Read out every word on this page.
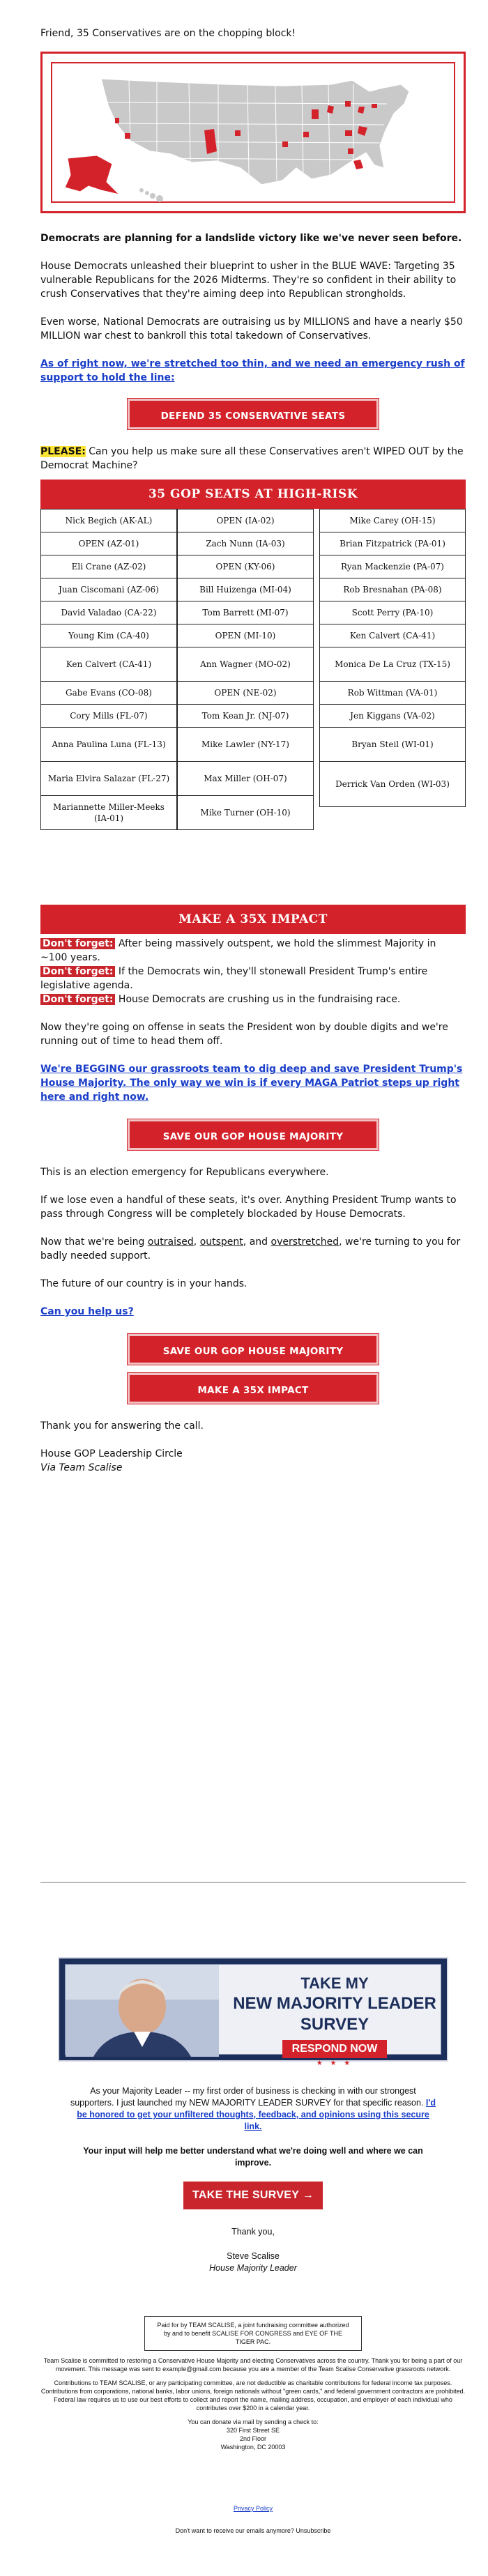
Friend, 35 Conservatives are on the chopping block!

Democrats are planning for a landslide victory like we've never seen before.

House Democrats unleashed their blueprint to usher in the BLUE WAVE: Targeting 35 vulnerable Republicans for the 2026 Midterms. They're so confident in their ability to crush Conservatives that they're aiming deep into Republican strongholds.

Even worse, National Democrats are outraising us by MILLIONS and have a nearly $50 MILLION war chest to bankroll this total takedown of Conservatives.

As of right now, we're stretched too thin, and we need an emergency rush of support to hold the line:

DEFEND 35 CONSERVATIVE SEATS

PLEASE: Can you help us make sure all these Conservatives aren't WIPED OUT by the Democrat Machine?

35 GOP SEATS AT HIGH-RISK
Nick Begich (AK-AL)
OPEN (AZ-01)
Eli Crane (AZ-02)
Juan Ciscomani (AZ-06)
David Valadao (CA-22)
Young Kim (CA-40)
Ken Calvert (CA-41)
Gabe Evans (CO-08)
Cory Mills (FL-07)
Anna Paulina Luna (FL-13)
Maria Elvira Salazar (FL-27)
Mariannette Miller-Meeks (IA-01)
OPEN (IA-02)
Zach Nunn (IA-03)
OPEN (KY-06)
Bill Huizenga (MI-04)
Tom Barrett (MI-07)
OPEN (MI-10)
Ann Wagner (MO-02)
OPEN (NE-02)
Tom Kean Jr. (NJ-07)
Mike Lawler (NY-17)
Max Miller (OH-07)
Mike Turner (OH-10)
Mike Carey (OH-15)
Brian Fitzpatrick (PA-01)
Ryan Mackenzie (PA-07)
Rob Bresnahan (PA-08)
Scott Perry (PA-10)
Ken Calvert (CA-41)
Monica De La Cruz (TX-15)
Rob Wittman (VA-01)
Jen Kiggans (VA-02)
Bryan Steil (WI-01)
Derrick Van Orden (WI-03)
MAKE A 35X IMPACT

Don't forget: After being massively outspent, we hold the slimmest Majority in ~100 years.

Don't forget: If the Democrats win, they'll stonewall President Trump's entire legislative agenda.

Don't forget: House Democrats are crushing us in the fundraising race.

Now they're going on offense in seats the President won by double digits and we're running out of time to head them off.

We're BEGGING our grassroots team to dig deep and save President Trump's House Majority. The only way we win is if every MAGA Patriot steps up right here and right now.

SAVE OUR GOP HOUSE MAJORITY

This is an election emergency for Republicans everywhere.

If we lose even a handful of these seats, it's over. Anything President Trump wants to pass through Congress will be completely blockaded by House Democrats.

Now that we're being outraised, outspent, and overstretched, we're turning to you for badly needed support.

The future of our country is in your hands.

Can you help us?

SAVE OUR GOP HOUSE MAJORITY
MAKE A 35X IMPACT

Thank you for answering the call.

House GOP Leadership Circle

Via Team Scalise

TAKE MY
NEW MAJORITY LEADER
SURVEY
RESPOND NOW
★ ★ ★

As your Majority Leader -- my first order of business is checking in with our strongest supporters. I just launched my NEW MAJORITY LEADER SURVEY for that specific reason. I'd be honored to get your unfiltered thoughts, feedback, and opinions using this secure link.

Your input will help me better understand what we're doing well and where we can improve.

TAKE THE SURVEY →

Thank you,

Steve Scalise

House Majority Leader

Paid for by TEAM SCALISE, a joint fundraising committee authorized by and to benefit SCALISE FOR CONGRESS and EYE OF THE TIGER PAC.

Team Scalise is committed to restoring a Conservative House Majority and electing Conservatives across the country. Thank you for being a part of our movement. This message was sent to example@gmail.com because you are a member of the Team Scalise Conservative grassroots network.

Contributions to TEAM SCALISE, or any participating committee, are not deductible as charitable contributions for federal income tax purposes. Contributions from corporations, national banks, labor unions, foreign nationals without "green cards," and federal government contractors are prohibited. Federal law requires us to use our best efforts to collect and report the name, mailing address, occupation, and employer of each individual who contributes over $200 in a calendar year.

You can donate via mail by sending a check to:

320 First Street SE

2nd Floor

Washington, DC 20003

Privacy Policy

Don't want to receive our emails anymore? Unsubscribe
